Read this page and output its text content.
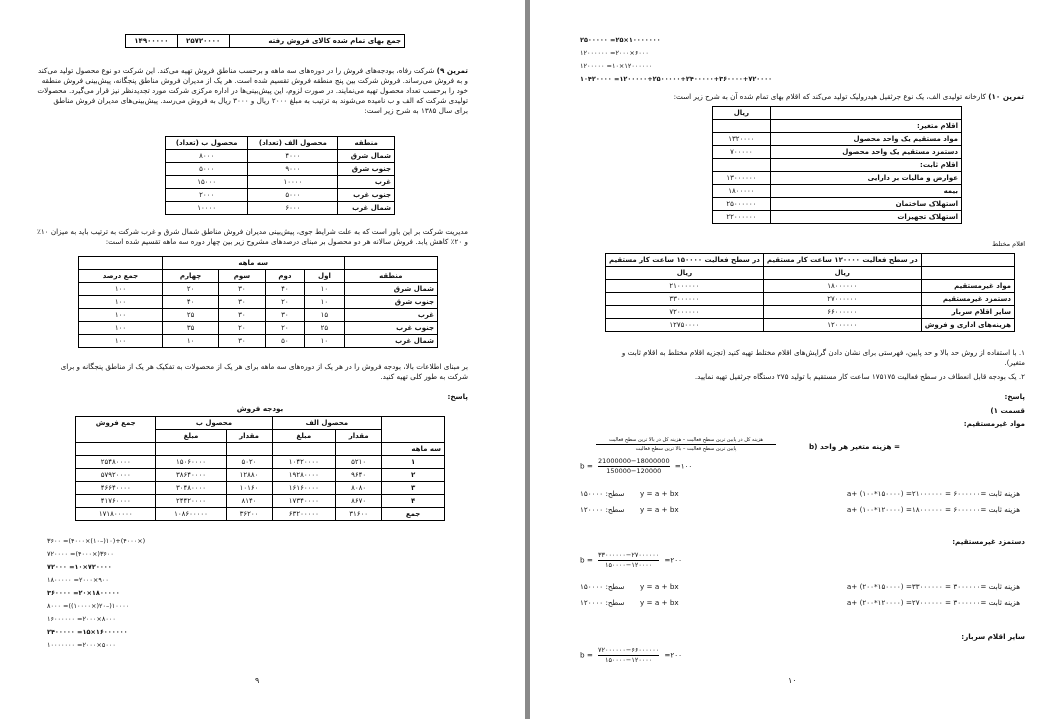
۱۴۹۰۰۰۰۰	۲۵۷۲۰۰۰۰	جمع بهای تمام شده کالای فروش رفته
تمرین ۹) شرکت رفاه، بودجه‌های فروش را در دوره‌های سه ماهه و برحسب مناطق فروش تهیه می‌کند. این شرکت دو نوع محصول تولید می‌کند
و به فروش می‌رساند. فروش شرکت بین پنج منطقه فروش تقسیم شده است. هر یک از مدیران فروش مناطق پنجگانه، پیش‌بینی فروش منطقه
خود را برحسب تعداد محصول تهیه می‌نمایند. در صورت لزوم، این پیش‌بینی‌ها در اداره مرکزی شرکت مورد تجدیدنظر نیز قرار می‌گیرد. محصولات
تولیدی شرکت که الف و ب نامیده می‌شوند به ترتیب به مبلغ ۲۰۰۰ ریال و ۳۰۰۰ ریال به فروش می‌رسد. پیش‌بینی‌های مدیران فروش مناطق
برای سال ۱۳۸۵ به شرح زیر است:
منطقه	محصول الف (تعداد)	محصول ب (تعداد)
شمال شرق	۴۰۰۰	۸۰۰۰
جنوب شرق	۹۰۰۰	۵۰۰۰
غرب	۱۰۰۰۰	۱۵۰۰۰
جنوب غرب	۵۰۰۰	۲۰۰۰
شمال غرب	۶۰۰۰	۱۰۰۰۰
مدیریت شرکت بر این باور است که به علت شرایط جوی، پیش‌بینی مدیران فروش مناطق شمال شرق و غرب شرکت به ترتیب باید به میزان ۱۰٪
و ۲۰٪ کاهش یابد. فروش سالانه هر دو محصول بر مبنای درصدهای مشروح زیر بین چهار دوره سه ماهه تقسیم شده است:
	سه ماهه				
منطقه	اول	دوم	سوم	چهارم	جمع درصد
شمال شرق	۱۰	۴۰	۳۰	۲۰	۱۰۰
جنوب شرق	۱۰	۲۰	۳۰	۴۰	۱۰۰
غرب	۱۵	۳۰	۳۰	۲۵	۱۰۰
جنوب غرب	۲۵	۲۰	۲۰	۳۵	۱۰۰
شمال غرب	۱۰	۵۰	۳۰	۱۰	۱۰۰
بر مبنای اطلاعات بالا، بودجه فروش را در هر یک از دوره‌های سه ماهه برای هر یک از محصولات به تفکیک هر یک از مناطق پنجگانه و برای
شرکت به طور کلی تهیه کنید.
پاسخ:
بودجه فروش
	محصول الف		محصول ب		جمع فروش
	مقدار	مبلغ	مقدار	مبلغ	
سه ماهه					
۱	۵۲۱۰	۱۰۴۲۰۰۰۰	۵۰۲۰	۱۵۰۶۰۰۰۰	۲۵۴۸۰۰۰۰
۲	۹۶۴۰	۱۹۲۸۰۰۰۰	۱۲۸۸۰	۳۸۶۴۰۰۰۰	۵۷۹۲۰۰۰۰
۳	۸۰۸۰	۱۶۱۶۰۰۰۰	۱۰۱۶۰	۳۰۴۸۰۰۰۰	۴۶۶۴۰۰۰۰
۴	۸۶۷۰	۱۷۳۴۰۰۰۰	۸۱۴۰	۲۴۴۲۰۰۰۰	۴۱۷۶۰۰۰۰
جمع	۳۱۶۰۰	۶۳۲۰۰۰۰۰	۳۶۲۰۰	۱۰۸۶۰۰۰۰۰	۱۷۱۸۰۰۰۰۰
۳۶۰۰ =(۴۰۰۰×(۱۰–)۱۰)+(۴۰۰۰×)
۷۲۰۰۰۰ =(۴۰۰۰×)۳۶۰۰
۷۲۰۰۰ =۱۰×۷۲۰۰۰۰
۱۸۰۰۰۰۰ =۲۰۰۰×۹۰۰
۳۶۰۰۰۰ =۲۰×۱۸۰۰۰۰۰
۸۰۰۰ =((۱۰۰۰۰×)۲۰–)۱۰۰۰۰
۱۶۰۰۰۰۰۰ =۲۰۰۰×۸۰۰۰
۲۴۰۰۰۰۰ =۱۵×۱۶۰۰۰۰۰۰
۱۰۰۰۰۰۰۰ =۲۰۰۰×۵۰۰۰
۹
۲۵۰۰۰۰۰ =۲۵×۱۰۰۰۰۰۰۰
۱۲۰۰۰۰۰۰ =۲۰۰۰×۶۰۰۰
۱۲۰۰۰۰۰ =۱۰×۱۲۰۰۰۰۰۰
۱۰۴۲۰۰۰۰ =۱۲۰۰۰۰۰+۲۵۰۰۰۰۰+۲۴۰۰۰۰۰+۳۶۰۰۰۰+۷۲۰۰۰۰
تمرین ۱۰) کارخانه تولیدی الف، یک نوع جرثقیل هیدرولیک تولید می‌کند که اقلام بهای تمام شده آن به شرح زیر است:
	ریال
اقلام متغیر:	
مواد مستقیم یک واحد محصول	۱۳۲۰۰۰۰
دستمزد مستقیم یک واحد محصول	۷۰۰۰۰۰
اقلام ثابت:	
عوارض و مالیات بر دارایی	۱۳۰۰۰۰۰۰
بیمه	۱۸۰۰۰۰۰
استهلاک ساختمان	۲۵۰۰۰۰۰۰
استهلاک تجهیزات	۲۲۰۰۰۰۰۰
اقلام مختلط
	در سطح فعالیت ۱۲۰۰۰۰ ساعت کار مستقیم	در سطح فعالیت ۱۵۰۰۰۰ ساعت کار مستقیم
	ریال	ریال
مواد غیرمستقیم	۱۸۰۰۰۰۰۰	۲۱۰۰۰۰۰۰
دستمزد غیرمستقیم	۲۷۰۰۰۰۰۰	۳۳۰۰۰۰۰۰
سایر اقلام سربار	۶۶۰۰۰۰۰۰	۷۲۰۰۰۰۰۰
هزینه‌های اداری و فروش	۱۲۰۰۰۰۰۰	۱۲۷۵۰۰۰۰
۱. با استفاده از روش حد بالا و حد پایین، فهرستی برای نشان دادن گرایش‌های اقلام مختلط تهیه کنید (تجزیه اقلام مختلط به اقلام ثابت و
متغیر).
۲. یک بودجه قابل انعطاف در سطح فعالیت ۱۷۵۱۷۵ ساعت کار مستقیم با تولید ۲۷۵ دستگاه جرثقیل تهیه نمایید.
پاسخ:
قسمت ۱)
مواد غیرمستقیم:
= هزینه متغیر هر واحد (b
هزینه کل در پایین ترین سطح فعالیت – هزینه کل در بالا ترین سطح فعالیت
پایین ترین سطح فعالیت – بالا ترین سطح فعالیت
$b = \frac{21000000-18000000}{150000-120000}$ =۱۰۰
۱۵۰۰۰۰ :سطح y = a + bx	هزینه ثابت =۶۰۰۰۰۰۰ = a+ (۱۰۰*۱۵۰۰۰۰) =۲۱۰۰۰۰۰۰
۱۲۰۰۰۰ :سطح y = a + bx	هزینه ثابت =۶۰۰۰۰۰۰ = a+ (۱۰۰*۱۲۰۰۰۰) =۱۸۰۰۰۰۰۰
دستمزد غیرمستقیم:
b =
۳۳۰۰۰۰۰۰−۲۷۰۰۰۰۰۰
۱۵۰۰۰۰−۱۲۰۰۰۰
=۲۰۰
۱۵۰۰۰۰ :سطح y = a + bx	هزینه ثابت =۳۰۰۰۰۰۰ = a+ (۲۰۰*۱۵۰۰۰۰) =۳۳۰۰۰۰۰۰
۱۲۰۰۰۰ :سطح y = a + bx	هزینه ثابت =۳۰۰۰۰۰۰ = a+ (۲۰۰*۱۲۰۰۰۰) =۲۷۰۰۰۰۰۰
سایر اقلام سربار:
b =
۷۲۰۰۰۰۰۰−۶۶۰۰۰۰۰۰
۱۵۰۰۰۰−۱۲۰۰۰۰
=۲۰۰
۱۰
